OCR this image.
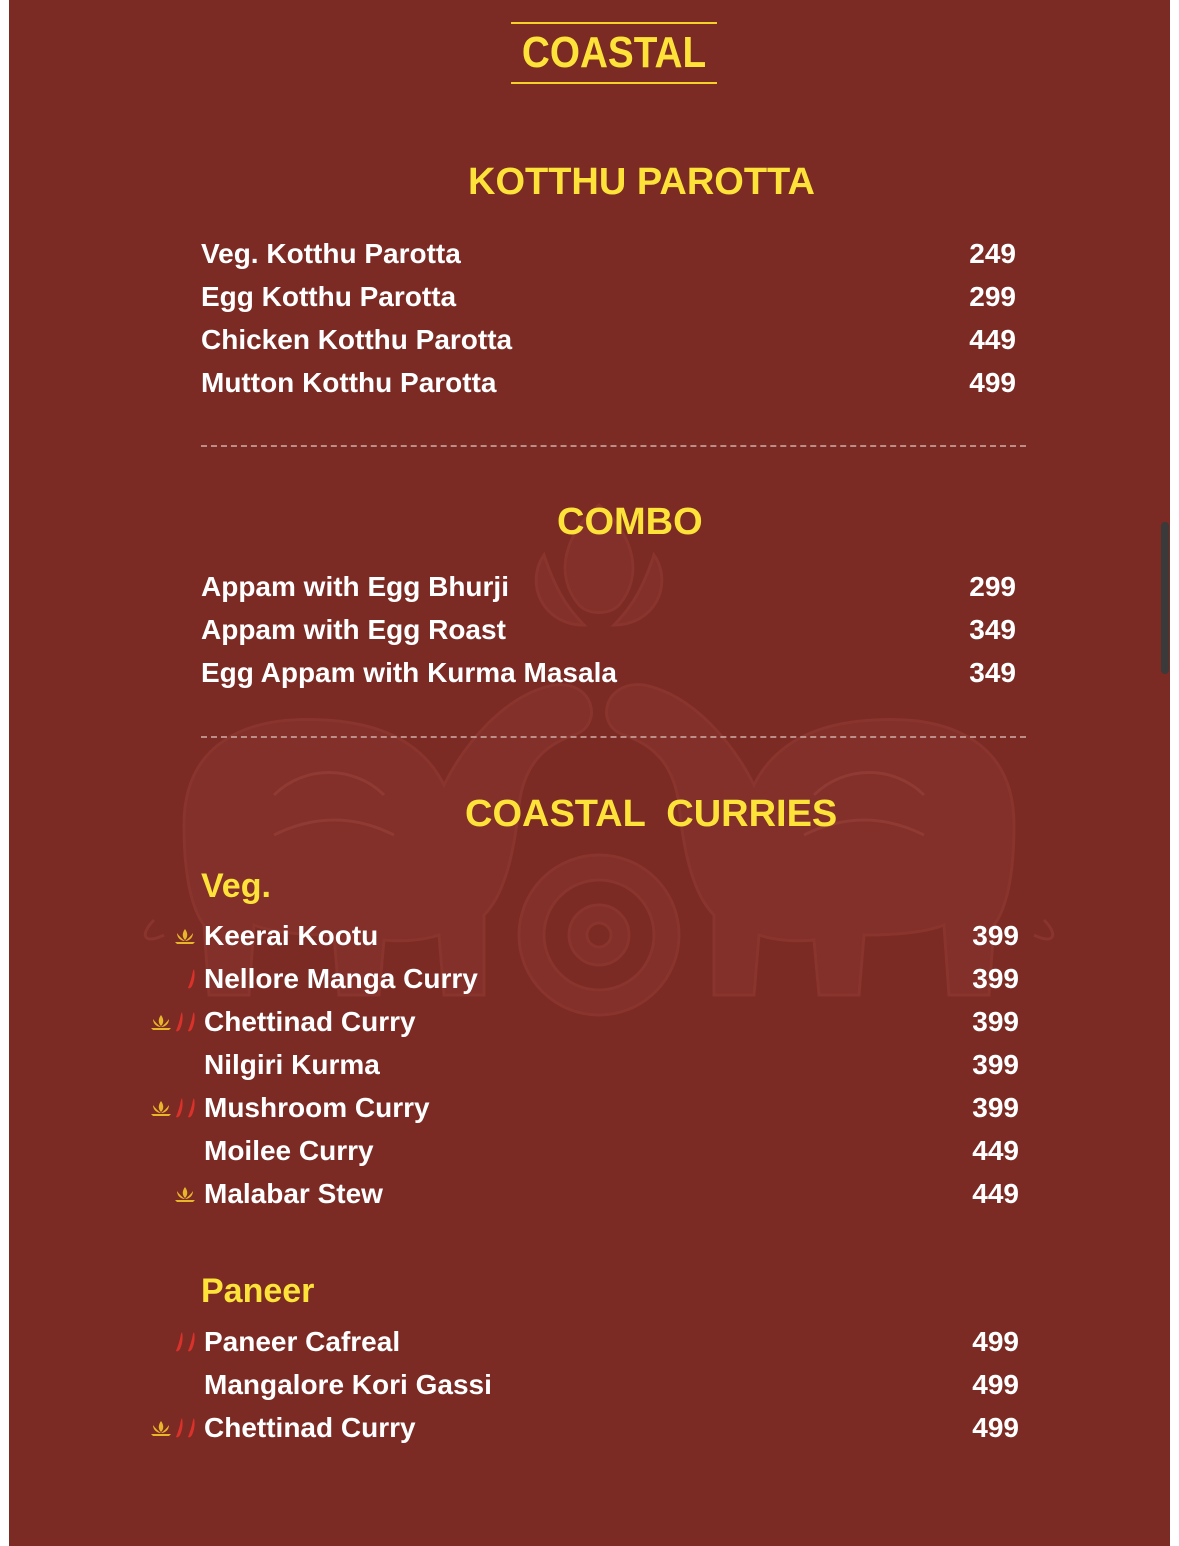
COASTAL
KOTTHU PAROTTA
Veg. Kotthu Parotta	249
Egg Kotthu Parotta	299
Chicken Kotthu Parotta	449
Mutton Kotthu Parotta	499
COMBO
Appam with Egg Bhurji	299
Appam with Egg Roast	349
Egg Appam with Kurma Masala	349
COASTAL  CURRIES
Veg.
Keerai Kootu	399
Nellore Manga Curry	399
Chettinad Curry	399
Nilgiri Kurma	399
Mushroom Curry	399
Moilee Curry	449
Malabar Stew	449
Paneer
Paneer Cafreal	499
Mangalore Kori Gassi	499
Chettinad Curry	499
